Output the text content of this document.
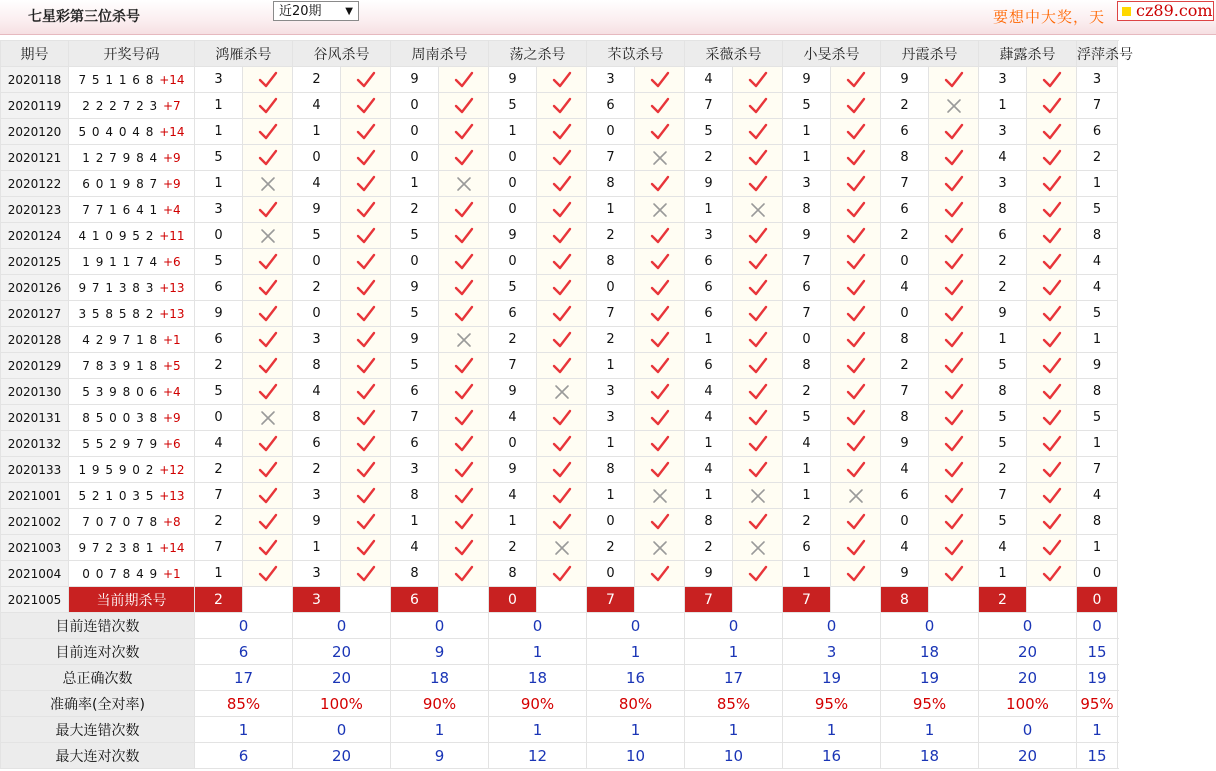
七星彩第三位杀号	近20期 ▼	要想中大奖，天	cz89.com
期号	开奖号码	鸿雁杀号		谷风杀号		周南杀号		荡之杀号		芣苡杀号		采薇杀号		小旻杀号		丹霞杀号		蕼露杀号		浮萍杀号	
2020118	7 5 1 1 6 8 +14	3		2		9		9		3		4		9		9		3		3	

2020119	2 2 2 7 2 3 +7	1		4		0		5		6		7		5		2		1		7	

2020120	5 0 4 0 4 8 +14	1		1		0		1		0		5		1		6		3		6	

2020121	1 2 7 9 8 4 +9	5		0		0		0		7		2		1		8		4		2	

2020122	6 0 1 9 8 7 +9	1		4		1		0		8		9		3		7		3		1	

2020123	7 7 1 6 4 1 +4	3		9		2		0		1		1		8		6		8		5	

2020124	4 1 0 9 5 2 +11	0		5		5		9		2		3		9		2		6		8	

2020125	1 9 1 1 7 4 +6	5		0		0		0		8		6		7		0		2		4	

2020126	9 7 1 3 8 3 +13	6		2		9		5		0		6		6		4		2		4	

2020127	3 5 8 5 8 2 +13	9		0		5		6		7		6		7		0		9		5	

2020128	4 2 9 7 1 8 +1	6		3		9		2		2		1		0		8		1		1	

2020129	7 8 3 9 1 8 +5	2		8		5		7		1		6		8		2		5		9	

2020130	5 3 9 8 0 6 +4	5		4		6		9		3		4		2		7		8		8	

2020131	8 5 0 0 3 8 +9	0		8		7		4		3		4		5		8		5		5	

2020132	5 5 2 9 7 9 +6	4		6		6		0		1		1		4		9		5		1	

2020133	1 9 5 9 0 2 +12	2		2		3		9		8		4		1		4		2		7	

2021001	5 2 1 0 3 5 +13	7		3		8		4		1		1		1		6		7		4	

2021002	7 0 7 0 7 8 +8	2		9		1		1		0		8		2		0		5		8	

2021003	9 7 2 3 8 1 +14	7		1		4		2		2		2		6		4		4		1	

2021004	0 0 7 8 4 9 +1	1		3		8		8		0		9		1		9		1		0	

2021005	当前期杀号	2		3		6		0		7		7		7		8		2		0		
目前连错次数		0		0		0		0		0		0		0		0		0		0	
目前连对次数		6		20		9		1		1		1		3		18		20		15	
总正确次数		17		20		18		18		16		17		19		19		20		19	
准确率(全对率)		85%		100%		90%		90%		80%		85%		95%		95%		100%		95%	
最大连错次数		1		0		1		1		1		1		1		1		0		1	
最大连对次数		6		20		9		12		10		10		16		18		20		15	
